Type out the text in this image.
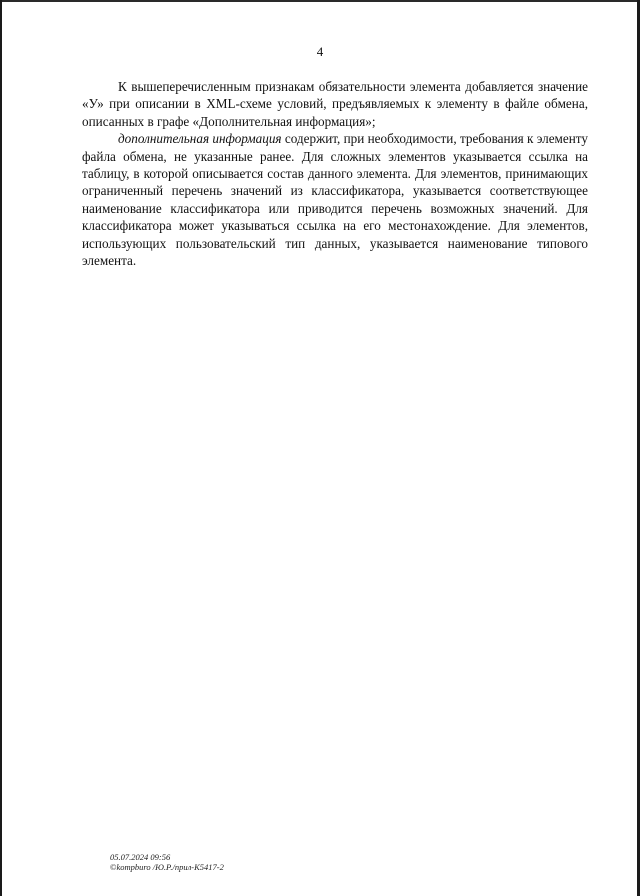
4

К вышеперечисленным признакам обязательности элемента добавляется значение «У» при описании в XML-схеме условий, предъявляемых к элементу в файле обмена, описанных в графе «Дополнительная информация»;

дополнительная информация содержит, при необходимости, требования к элементу файла обмена, не указанные ранее. Для сложных элементов указывается ссылка на таблицу, в которой описывается состав данного элемента. Для элементов, принимающих ограниченный перечень значений из классификатора, указывается соответствующее наименование классификатора или приводится перечень возможных значений. Для классификатора может указываться ссылка на его местонахождение. Для элементов, использующих пользовательский тип данных, указывается наименование типового элемента.

05.07.2024 09:56
©kompburo /Ю.Р./прил-К5417-2
